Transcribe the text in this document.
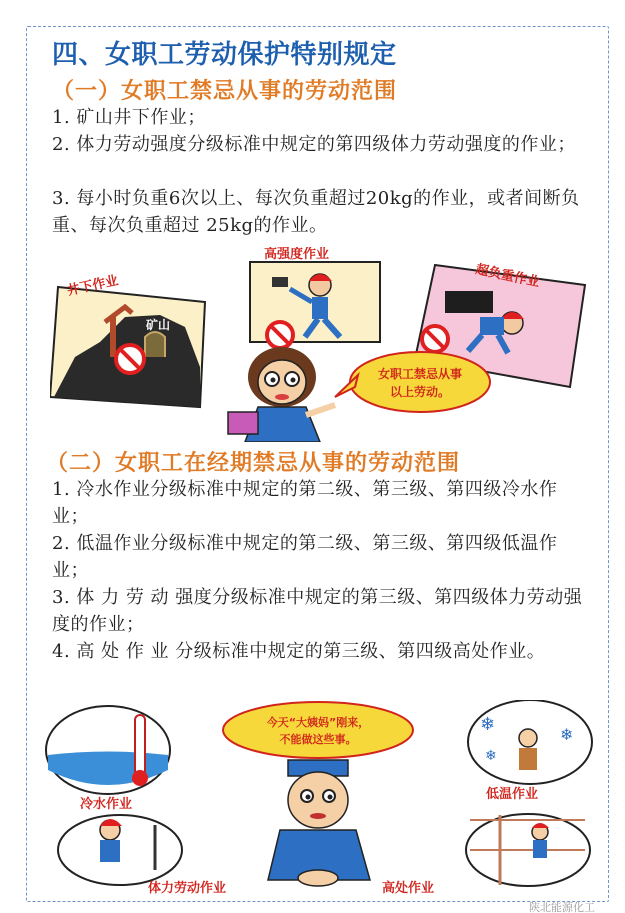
四、女职工劳动保护特别规定
（一）女职工禁忌从事的劳动范围

1. 矿山井下作业；

2. 体力劳动强度分级标准中规定的第四级体力劳动强度的作业；

3. 每小时负重6次以上、每次负重超过20kg的作业，或者间断负重、每次负重超过 25kg的作业。

井下作业
矿山
高强度作业
超负重作业
女职工禁忌从事
以上劳动。
（二）女职工在经期禁忌从事的劳动范围

1. 冷水作业分级标准中规定的第二级、第三级、第四级冷水作业；

2. 低温作业分级标准中规定的第二级、第三级、第四级低温作业；

3. 体 力 劳 动 强度分级标准中规定的第三级、第四级体力劳动强度的作业；

4. 高 处 作 业 分级标准中规定的第三级、第四级高处作业。

冷水作业
❄	❄
❄
低温作业
体力劳动作业	高处作业
今天“大姨妈”刚来，
不能做这些事。
陕北能源化工
